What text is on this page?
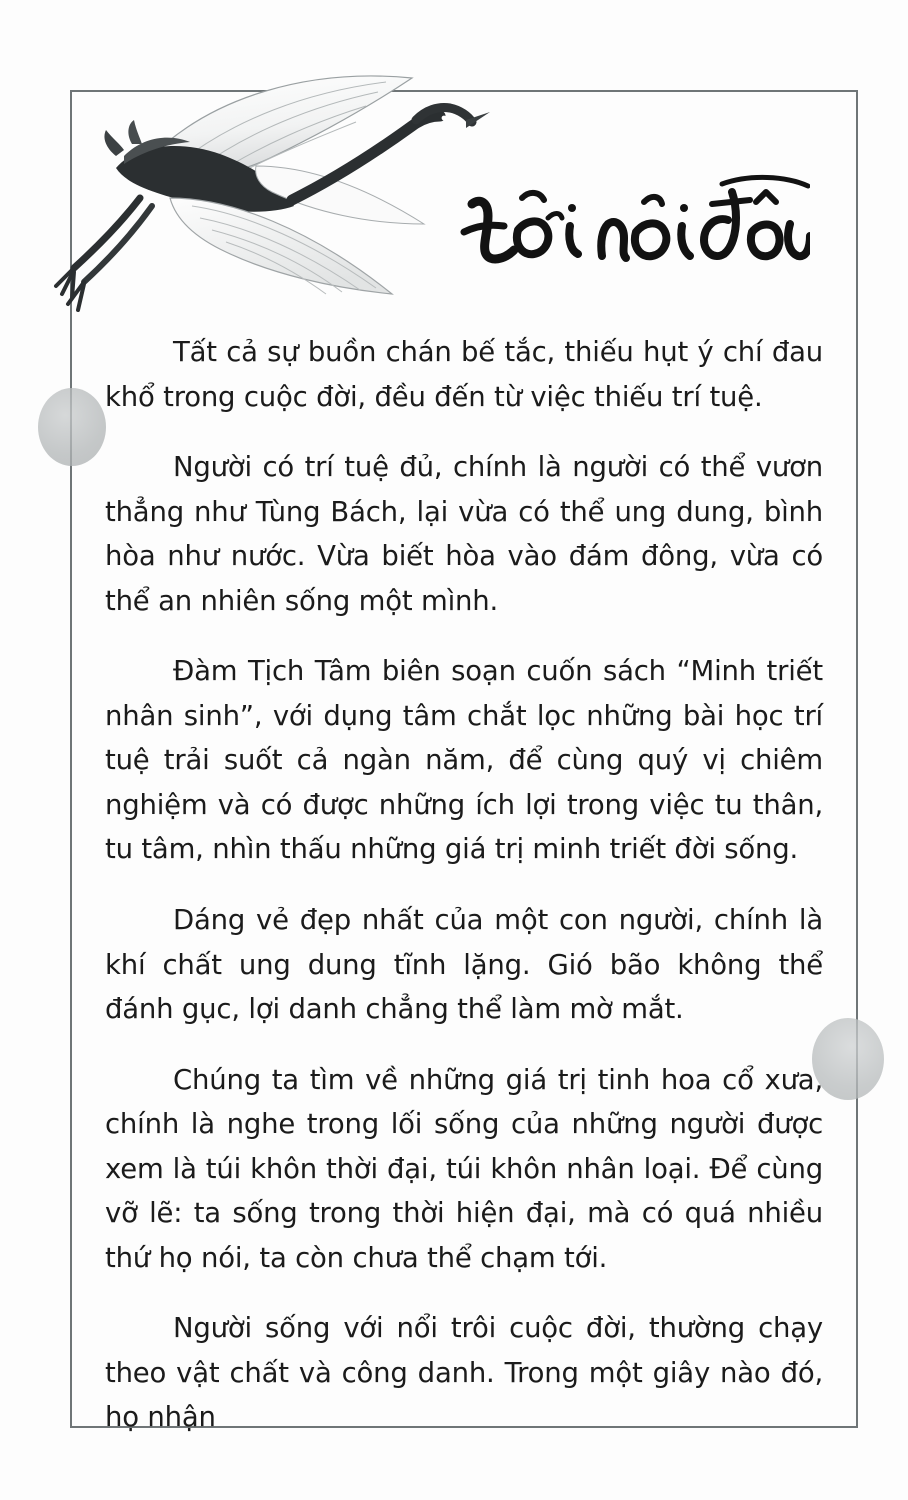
Tất cả sự buồn chán bế tắc, thiếu hụt ý chí đau khổ trong cuộc đời, đều đến từ việc thiếu trí tuệ.

Người có trí tuệ đủ, chính là người có thể vươn thẳng như Tùng Bách, lại vừa có thể ung dung, bình hòa như nước. Vừa biết hòa vào đám đông, vừa có thể an nhiên sống một mình.

Đàm Tịch Tâm biên soạn cuốn sách “Minh triết nhân sinh”, với dụng tâm chắt lọc những bài học trí tuệ trải suốt cả ngàn năm, để cùng quý vị chiêm nghiệm và có được những ích lợi trong việc tu thân, tu tâm, nhìn thấu những giá trị minh triết đời sống.

Dáng vẻ đẹp nhất của một con người, chính là khí chất ung dung tĩnh lặng. Gió bão không thể đánh gục, lợi danh chẳng thể làm mờ mắt.

Chúng ta tìm về những giá trị tinh hoa cổ xưa, chính là nghe trong lối sống của những người được xem là túi khôn thời đại, túi khôn nhân loại. Để cùng vỡ lẽ: ta sống trong thời hiện đại, mà có quá nhiều thứ họ nói, ta còn chưa thể chạm tới.

Người sống với nổi trôi cuộc đời, thường chạy theo vật chất và công danh. Trong một giây nào đó, họ nhận
